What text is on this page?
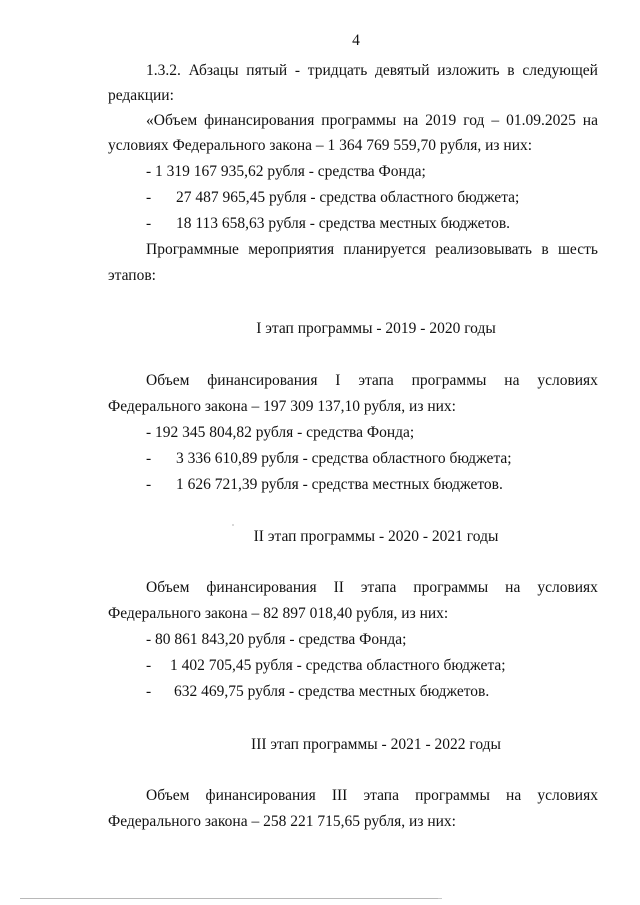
4
1.3.2. Абзацы пятый - тридцать девятый изложить в следующей
редакции:
«Объем финансирования программы на 2019 год – 01.09.2025 на
условиях Федерального закона – 1 364 769 559,70 рубля, из них:
- 1 319 167 935,62 рубля - средства Фонда;
- 27 487 965,45 рубля - средства областного бюджета;
- 18 113 658,63 рубля - средства местных бюджетов.
Программные мероприятия планируется реализовывать в шесть
этапов:
I этап программы - 2019 - 2020 годы
Объем финансирования I этапа программы на условиях
Федерального закона – 197 309 137,10 рубля, из них:
- 192 345 804,82 рубля - средства Фонда;
- 3 336 610,89 рубля - средства областного бюджета;
- 1 626 721,39 рубля - средства местных бюджетов.
II этап программы - 2020 - 2021 годы
Объем финансирования II этапа программы на условиях
Федерального закона – 82 897 018,40 рубля, из них:
- 80 861 843,20 рубля - средства Фонда;
- 1 402 705,45 рубля - средства областного бюджета;
- 632 469,75 рубля - средства местных бюджетов.
III этап программы - 2021 - 2022 годы
Объем финансирования III этапа программы на условиях
Федерального закона – 258 221 715,65 рубля, из них:
